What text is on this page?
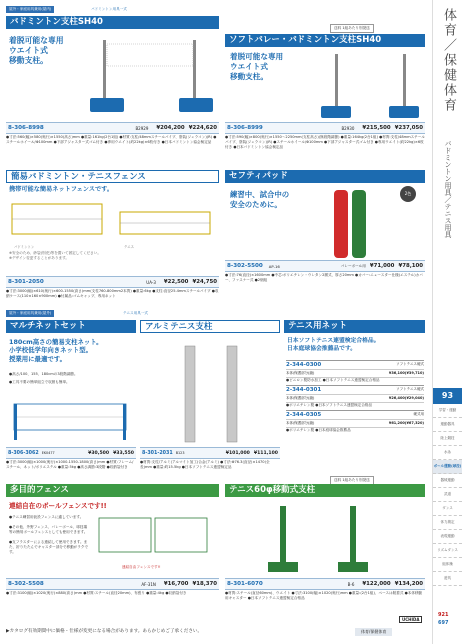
屋外・家庭用具兼用(屋内)	バドミントン用具一式
バドミントン支柱SH40
着脱可能な専用
ウエイト式
移動支柱。
8-306-8998	B2929 ¥204,200 ¥224,620
●寸法:560(幅)×580(奥行)×1550(高さ)mm ●重量:161kg(2台1組) ●材質:支柱/48mmスチールパイプ、塗装(ジェラコン)(R) ●スチールホイール/Φ100mm ●下部アジャスター式ゴム付き ●専用ウエイト(約22kg)×6枚付き ●日本バドミントン協会検定品
送料 1組あたり別発送
ソフトバレー・バドミントン支柱SH40
着脱可能な専用
ウエイト式
移動支柱。
8-306-8999	B2930 ¥215,500 ¥237,050
●寸法:590(幅)×800(奥行)×1550〜2250mm(支柱高さ)(無段階調節) ●重量:164kg(2台1組) ●材質:支柱/48mmスチールパイプ、塗装(ジェラコン)(R) ●スチールホイール/Φ100mm ●下部アジャスター式ゴム付き ●専用ウエイト(約22kg)×6枚付き ●日本バドミントン協会検定品
簡易バドミントン・テニスフェンス
携帯可能な簡易ネットフェンスです。
バドミントン	テニス
※安全のため、砂袋(別売)等を置いて固定してください。
※デザイン変更することがあります。
8-301-2050	UA-3 ¥22,500 ¥24,750
●寸法:3000(幅)×610(奥行)×600-1550(高さ)mm(支柱760-800mm2本質) ●重量:6kg ●支柱:直径25.4mmスチールパイプ ●収納ケース(110×160×900mm) ●付属品:ゴムキャップ、専用ネット
セフティパッド
練習中、試合中の
安全のために。
2色
8-302-5500 AP-16	バレーボール用 ¥71,000 ¥78,100
●寸法:76(直径)×1600mm ●中芯:ポリエチレン・ウレタン2層式、厚さ20mm ●カバー:ニュースター仕様(エステル)カバー、ファスナー式 ●2個組
屋外・家庭用具兼用(屋外)	テニス用具一式
マルチネットセット
180cm高さの簡易支柱ネット。
小学校低学年向きネット型。
授業用に最適です。
●高さ/100、155、180cmの3段階調節。
●工具不要の簡単組立で収納も簡単。
8-306-3062 EK0477	¥30,500 ¥33,550
●寸法:3000(幅)×1000(奥行)×1000-1550-1800(高さ)mm ●材質:フレーム/スチール、ネット/ポリエステル ●重量:5kg ●高さ調節:3段階 ●収納袋付き
アルミテニス支柱
8-301-2031 B123	¥101,000 ¥111,100
●材質:支柱/アルミ(アルマイト加工)合金(アルミ) ●寸法:Φ76.3(直径)×1470(全長)mm ●重量:約15.5kg ●日本ソフトテニス連盟検定品
テニス用ネット
日本ソフトテニス連盟検定合格品。
日本庭球協会推薦品です。
2-344-0300	ソフトテニス硬式
本体/保護部分(縫)	¥36,100(¥39,710)
●ビニロン製防水加工 ●日本ソフトテニス連盟検定合格品
2-344-0301	ソフトテニス硬式
本体/保護部分(縫)	¥26,400(¥29,040)
●ポリエチレン製 ●日本ソフトテニス連盟検定合格品
2-344-0305	硬式用
本体/保護部分(縫)	¥61,200(¥67,320)
●ポリエチレン製 ●日本庭球協会推薦品
多目的フェンス
連結自在のボールフェンスです!!
●テニス練習用仮設フェンスに適しています。
●その他、外野フェンス、バレーボール、球技場等の簡易ボールフェンスとしても使用できます。
●支フラスターによる連結して使用できます。また、折りたたんでキャスター部分で移動がラクです。
連結自由フェンスです!!
8-302-5508	AF-31N ¥16,700 ¥18,370
●寸法:3100(幅)×1020(奥行)×880(高さ)mm ●材質:スチール(直径20mm)、布張り ●重量:4kg ●収納袋付き
送料 1組あたり別発送
テニス60φ移動式支柱
8-301-6070	B-6 ¥122,000 ¥134,200
●材質:スチール(直径60mm)、ウエイト ●寸法:3100(幅)×1020(奥行)mm ●重量:(2台1組)、ベースは脱着式 ●本体移動用キャスター ●日本ソフトテニス連盟検定合格品
▶カタログ有効期間中に価格・仕様が変更になる場合があります。あらかじめご了承ください。	体育/保健体育
UCHIDA
体育／保健体育
バドミントン用具／テニス用具
93
学習・運動
運動器具
陸上競技
水泳
ボール運動(球技)
器械運動
武道
ダンス
体力測定
表現運動
リズムダンス
組体操
遊具
921
697
